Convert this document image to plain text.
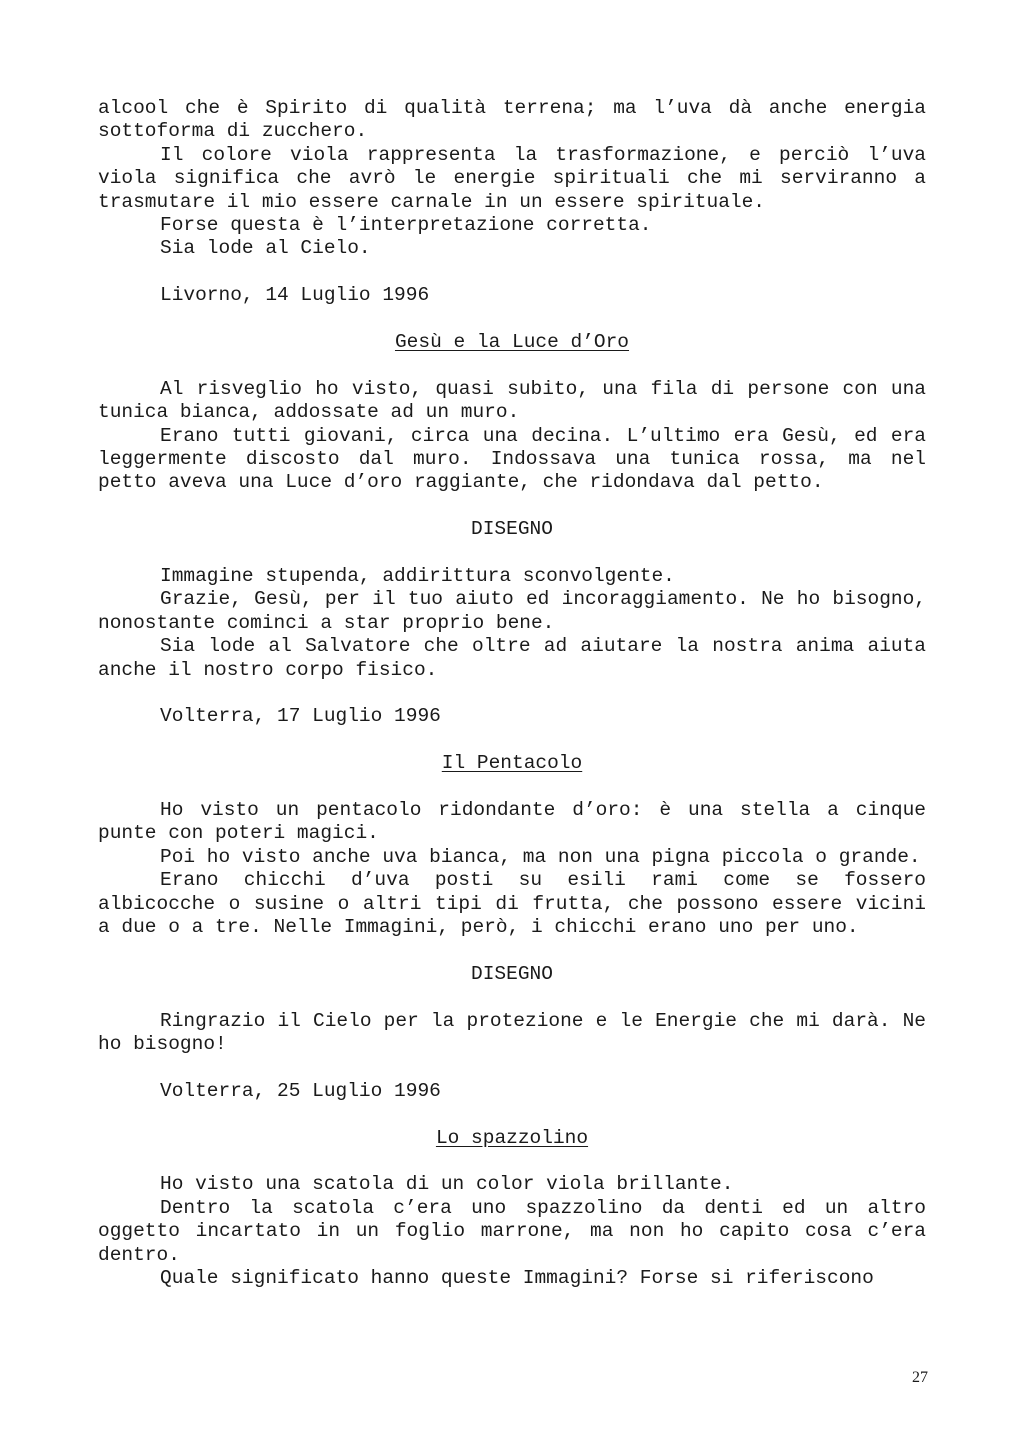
alcool che è Spirito di qualità terrena; ma l’uva dà anche energia sottoforma di zucchero.

Il colore viola rappresenta la trasformazione, e perciò l’uva viola significa che avrò le energie spirituali che mi serviranno a trasmutare il mio essere carnale in un essere spirituale.

Forse questa è l’interpretazione corretta.

Sia lode al Cielo.

Livorno, 14 Luglio 1996

Gesù e la Luce d’Oro

Al risveglio ho visto, quasi subito, una fila di persone con una tunica bianca, addossate ad un muro.

Erano tutti giovani, circa una decina. L’ultimo era Gesù, ed era leggermente discosto dal muro. Indossava una tunica rossa, ma nel petto aveva una Luce d’oro raggiante, che ridondava dal petto.

DISEGNO

Immagine stupenda, addirittura sconvolgente.

Grazie, Gesù, per il tuo aiuto ed incoraggiamento. Ne ho bisogno, nonostante cominci a star proprio bene.

Sia lode al Salvatore che oltre ad aiutare la nostra anima aiuta anche il nostro corpo fisico.

Volterra, 17 Luglio 1996

Il Pentacolo

Ho visto un pentacolo ridondante d’oro: è una stella a cinque punte con poteri magici.

Poi ho visto anche uva bianca, ma non una pigna piccola o grande.

Erano chicchi d’uva posti su esili rami come se fossero albicocche o susine o altri tipi di frutta, che possono essere vicini a due o a tre. Nelle Immagini, però, i chicchi erano uno per uno.

DISEGNO

Ringrazio il Cielo per la protezione e le Energie che mi darà. Ne ho bisogno!

Volterra, 25 Luglio 1996

Lo spazzolino

Ho visto una scatola di un color viola brillante.

Dentro la scatola c’era uno spazzolino da denti ed un altro oggetto incartato in un foglio marrone, ma non ho capito cosa c’era dentro.

Quale significato hanno queste Immagini? Forse si riferiscono

27
